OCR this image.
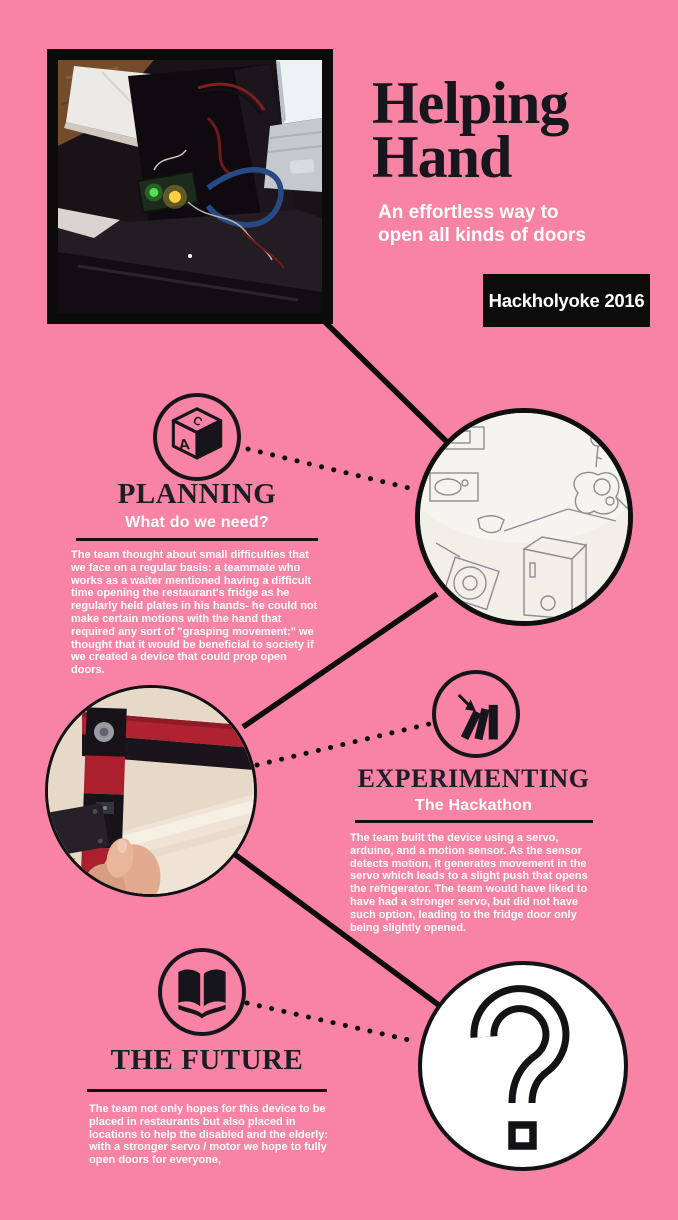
Helping
Hand
An effortless way to
open all kinds of doors
Hackholyoke 2016
A
C
PLANNING
What do we need?

The team thought about small difficulties that we face on a regular basis: a teammate who works as a waiter mentioned having a difficult time opening the restaurant's fridge as he regularly held plates in his hands- he could not make certain motions with the hand that required any sort of "grasping movement:" we thought that it would be beneficial to society if we created a device that could prop open doors.

EXPERIMENTING
The Hackathon

The team built the device using a servo, arduino, and a motion sensor. As the sensor detects motion, it generates movement in the servo which leads to a slight push that opens the refrigerator. The team would have liked to have had a stronger servo, but did not have such option, leading to the fridge door only being slightly opened.

THE FUTURE

The team not only hopes for this device to be placed in restaurants but also placed in locations to help the disabled and the elderly: with a stronger servo / motor we hope to fully open doors for everyone,
